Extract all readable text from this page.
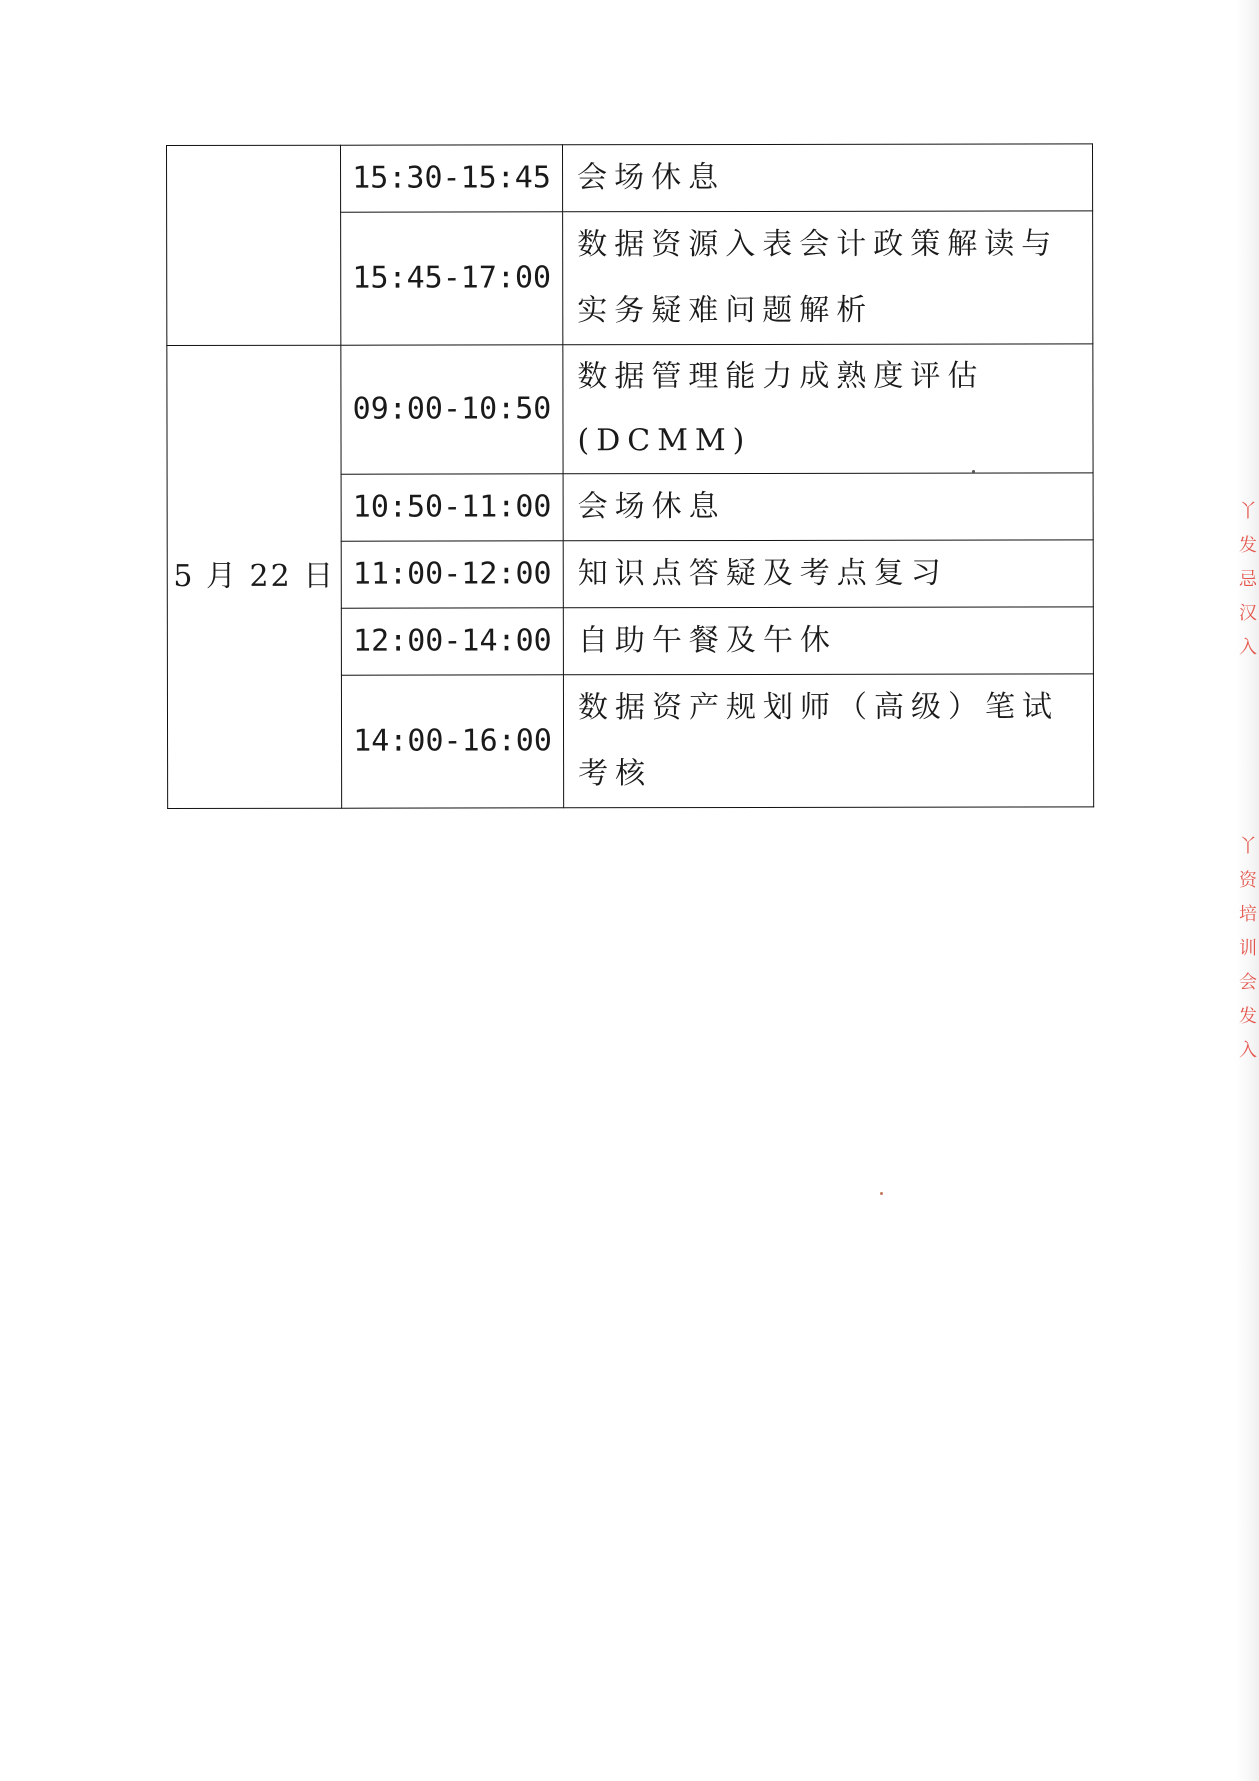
	15:30-15:45	会场休息
	15:45-17:00	数据资源入表会计政策解读与实务疑难问题解析
5 月 22 日	09:00-10:50	数据管理能力成熟度评估(DCMM)
	10:50-11:00	会场休息
	11:00-12:00	知识点答疑及考点复习
	12:00-14:00	自助午餐及午休
	14:00-16:00	数据资产规划师（高级）笔试考核
丫 发 忌 汉 入
丫 资 培 训 会 发 入
